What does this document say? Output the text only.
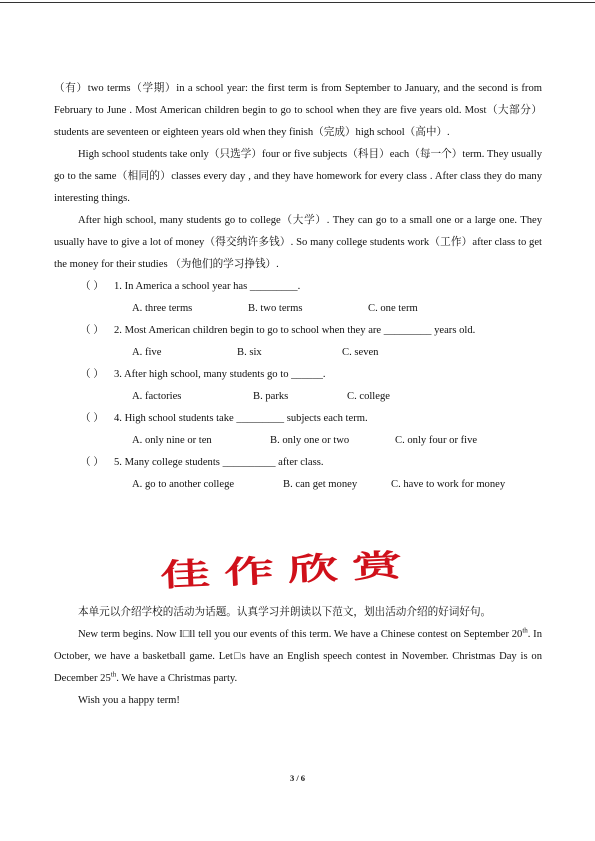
（有）two terms（学期）in a school year: the first term is from September to January, and the second is from February to June . Most American children begin to go to school when they are five years old. Most（大部分）students are seventeen or eighteen years old when they finish（完成）high school（高中）.
High school students take only（只选学）four or five subjects（科目）each（每一个）term. They usually go to the same（相同的）classes every day , and they have homework for every class . After class they do many interesting things.
After high school, many students go to college（大学）. They can go to a small one or a large one. They usually have to give a lot of money（得交纳许多钱）. So many college students work（工作）after class to get the money for their studies （为他们的学习挣钱）.
（ ） 1. In America a school year has _________.
A. three terms	B. two terms	C. one term
（ ） 2. Most American children begin to go to school when they are _________ years old.
A. five	B. six	C. seven
（ ） 3. After high school, many students go to ______.
A. factories	B. parks	C. college
（ ） 4. High school students take _________ subjects each term.
A. only nine or ten	B. only one or two	C. only four or five
（ ） 5. Many college students __________ after class.
A. go to another college	B. can get money	C. have to work for money
佳作欣赏
本单元以介绍学校的活动为话题。认真学习并朗读以下范文，划出活动介绍的好词好句。
New term begins. Now I□ll tell you our events of this term. We have a Chinese contest on September 20th. In October, we have a basketball game. Let□s have an English speech contest in November. Christmas Day is on December 25th. We have a Christmas party.
Wish you a happy term!
3 / 6
